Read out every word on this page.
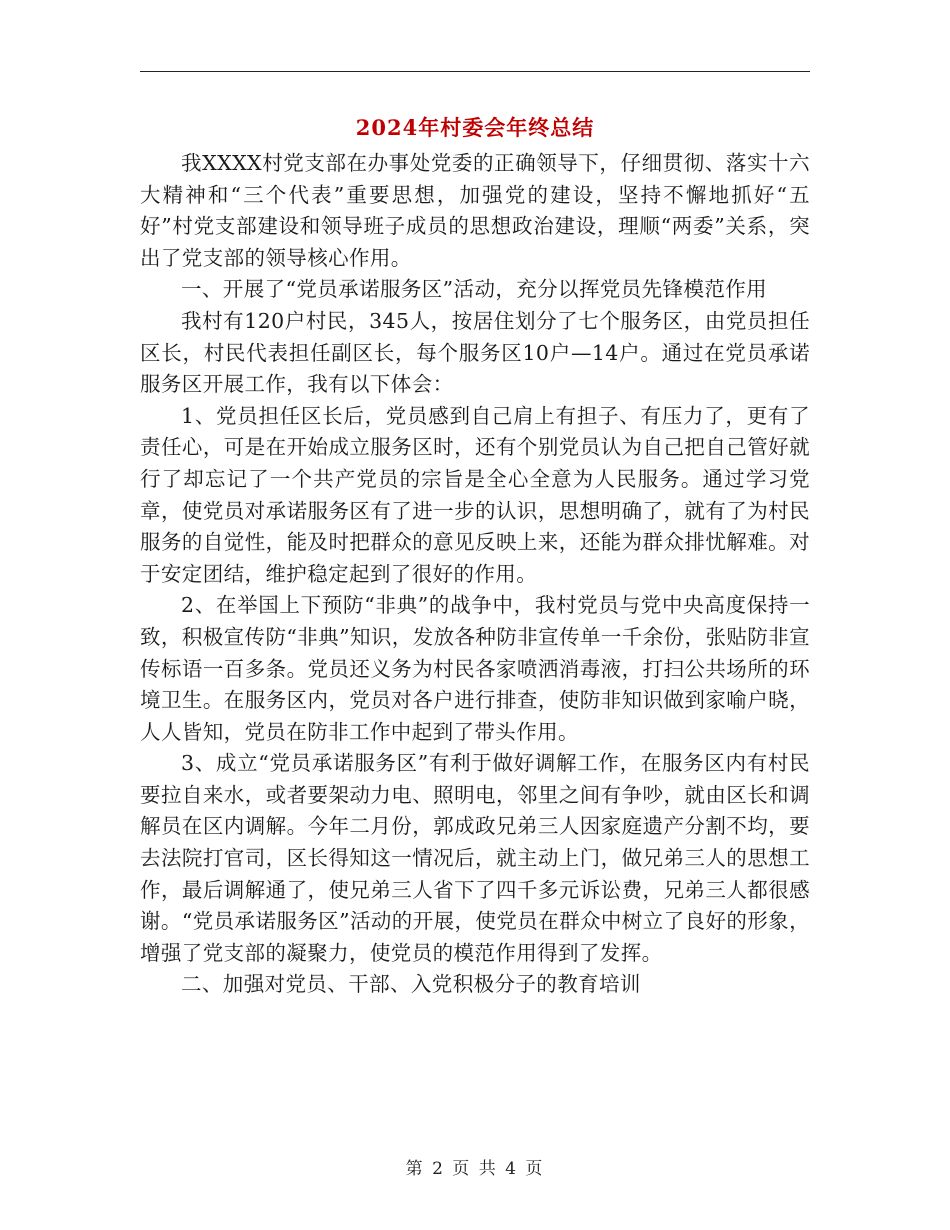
2024年村委会年终总结

我XXXX村党支部在办事处党委的正确领导下，仔细贯彻、落实十六大精神和“三个代表”重要思想，加强党的建设，坚持不懈地抓好“五好”村党支部建设和领导班子成员的思想政治建设，理顺“两委”关系，突出了党支部的领导核心作用。

一、开展了“党员承诺服务区”活动，充分以挥党员先锋模范作用

我村有120户村民，345人，按居住划分了七个服务区，由党员担任区长，村民代表担任副区长，每个服务区10户—14户。通过在党员承诺服务区开展工作，我有以下体会：

1、党员担任区长后，党员感到自己肩上有担子、有压力了，更有了责任心，可是在开始成立服务区时，还有个别党员认为自己把自己管好就行了却忘记了一个共产党员的宗旨是全心全意为人民服务。通过学习党章，使党员对承诺服务区有了进一步的认识，思想明确了，就有了为村民服务的自觉性，能及时把群众的意见反映上来，还能为群众排忧解难。对于安定团结，维护稳定起到了很好的作用。

2、在举国上下预防“非典”的战争中，我村党员与党中央高度保持一致，积极宣传防“非典”知识，发放各种防非宣传单一千余份，张贴防非宣传标语一百多条。党员还义务为村民各家喷洒消毒液，打扫公共场所的环境卫生。在服务区内，党员对各户进行排查，使防非知识做到家喻户晓，人人皆知，党员在防非工作中起到了带头作用。

3、成立“党员承诺服务区”有利于做好调解工作，在服务区内有村民要拉自来水，或者要架动力电、照明电，邻里之间有争吵，就由区长和调解员在区内调解。今年二月份，郭成政兄弟三人因家庭遗产分割不均，要去法院打官司，区长得知这一情况后，就主动上门，做兄弟三人的思想工作，最后调解通了，使兄弟三人省下了四千多元诉讼费，兄弟三人都很感谢。“党员承诺服务区”活动的开展，使党员在群众中树立了良好的形象，增强了党支部的凝聚力，使党员的模范作用得到了发挥。

二、加强对党员、干部、入党积极分子的教育培训

第 2 页 共 4 页
